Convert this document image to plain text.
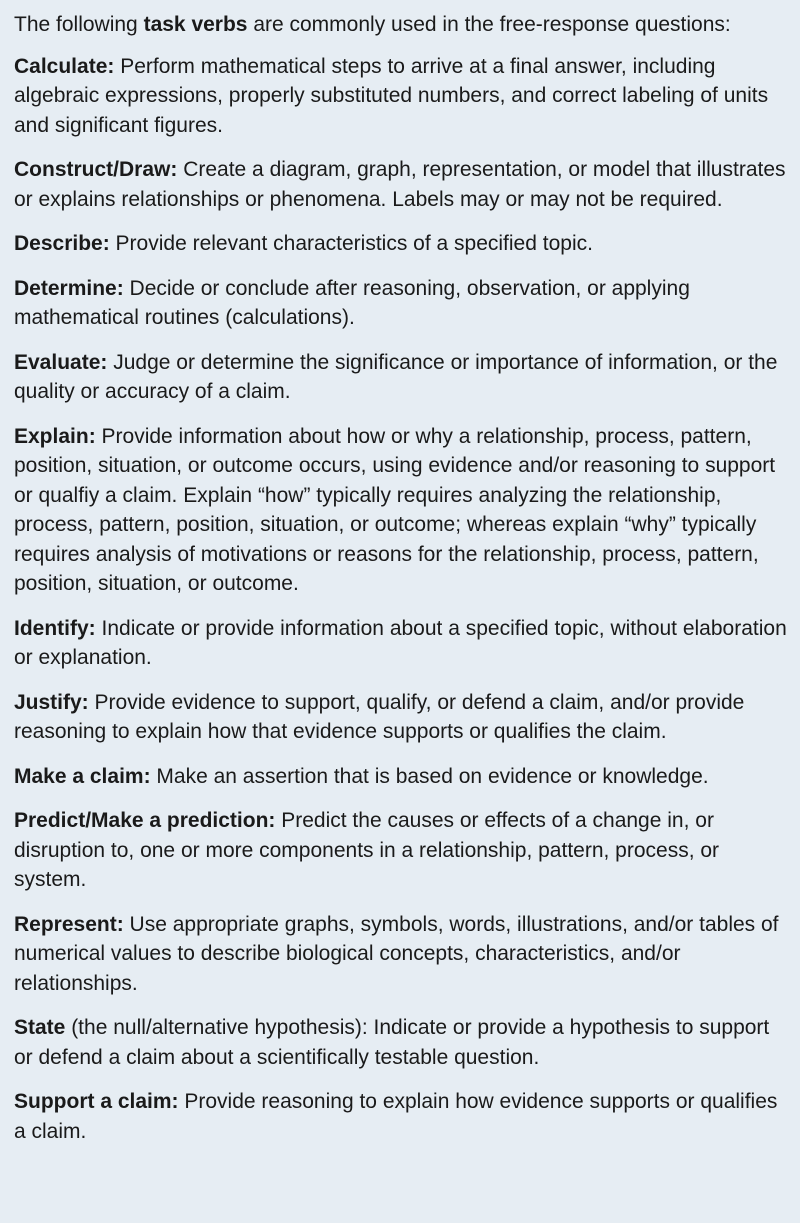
The following task verbs are commonly used in the free-response questions:

Calculate: Perform mathematical steps to arrive at a final answer, including algebraic expressions, properly substituted numbers, and correct labeling of units and significant figures.

Construct/Draw: Create a diagram, graph, representation, or model that illustrates or explains relationships or phenomena. Labels may or may not be required.

Describe: Provide relevant characteristics of a specified topic.

Determine: Decide or conclude after reasoning, observation, or applying mathematical routines (calculations).

Evaluate: Judge or determine the significance or importance of information, or the quality or accuracy of a claim.

Explain: Provide information about how or why a relationship, process, pattern, position, situation, or outcome occurs, using evidence and/or reasoning to support or qualfiy a claim. Explain “how” typically requires analyzing the relationship, process, pattern, position, situation, or outcome; whereas explain “why” typically requires analysis of motivations or reasons for the relationship, process, pattern, position, situation, or outcome.

Identify: Indicate or provide information about a specified topic, without elaboration or explanation.

Justify: Provide evidence to support, qualify, or defend a claim, and/or provide reasoning to explain how that evidence supports or qualifies the claim.

Make a claim: Make an assertion that is based on evidence or knowledge.

Predict/Make a prediction: Predict the causes or effects of a change in, or disruption to, one or more components in a relationship, pattern, process, or system.

Represent: Use appropriate graphs, symbols, words, illustrations, and/or tables of numerical values to describe biological concepts, characteristics, and/or relationships.

State (the null/alternative hypothesis): Indicate or provide a hypothesis to support or defend a claim about a scientifically testable question.

Support a claim: Provide reasoning to explain how evidence supports or qualifies a claim.
